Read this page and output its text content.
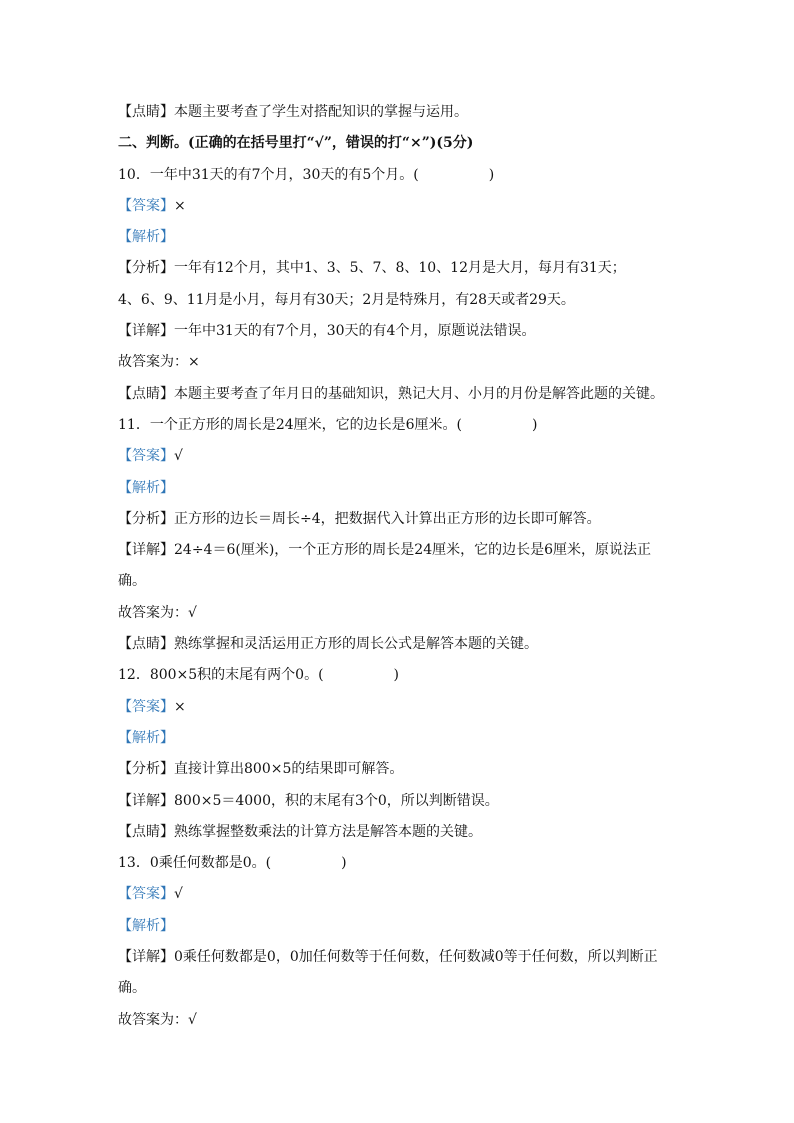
【点睛】本题主要考查了学生对搭配知识的掌握与运用。
二、判断。(正确的在括号里打“√”，错误的打“×”)(5分)
10．一年中31天的有7个月，30天的有5个月。(　　　　　)
【答案】×
【解析】
【分析】一年有12个月，其中1、3、5、7、8、10、12月是大月，每月有31天；
4、6、9、11月是小月，每月有30天；2月是特殊月，有28天或者29天。
【详解】一年中31天的有7个月，30天的有4个月，原题说法错误。
故答案为：×
【点睛】本题主要考查了年月日的基础知识，熟记大月、小月的月份是解答此题的关键。
11．一个正方形的周长是24厘米，它的边长是6厘米。(　　　　　)
【答案】√
【解析】
【分析】正方形的边长＝周长÷4，把数据代入计算出正方形的边长即可解答。
【详解】24÷4＝6(厘米)，一个正方形的周长是24厘米，它的边长是6厘米，原说法正
确。
故答案为：√
【点睛】熟练掌握和灵活运用正方形的周长公式是解答本题的关键。
12．800×5积的末尾有两个0。(　　　　　)
【答案】×
【解析】
【分析】直接计算出800×5的结果即可解答。
【详解】800×5＝4000，积的末尾有3个0，所以判断错误。
【点睛】熟练掌握整数乘法的计算方法是解答本题的关键。
13．0乘任何数都是0。(　　　　　)
【答案】√
【解析】
【详解】0乘任何数都是0，0加任何数等于任何数，任何数减0等于任何数，所以判断正
确。
故答案为：√
